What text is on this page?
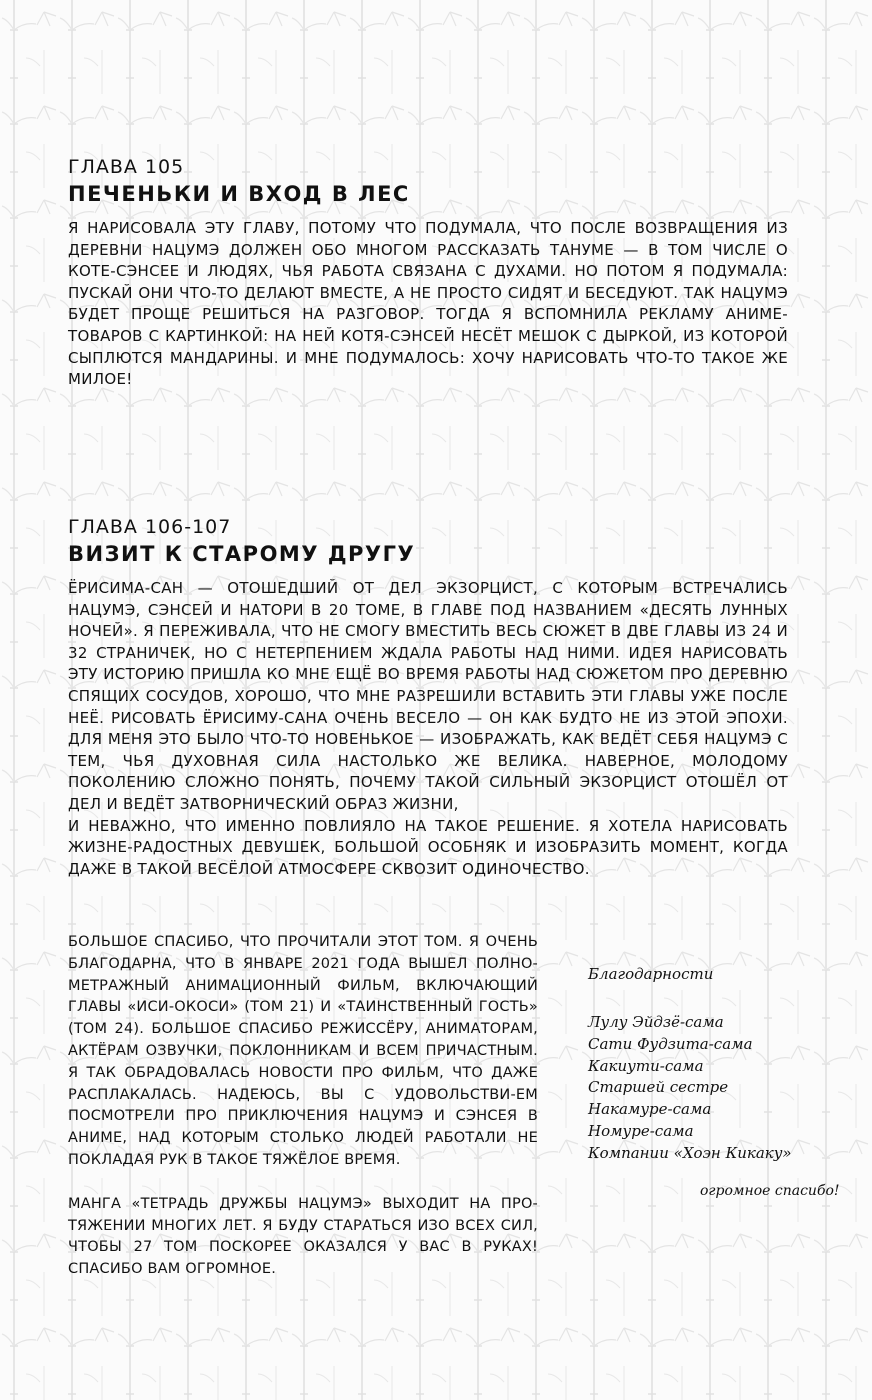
ГЛАВА 105
ПЕЧЕНЬКИ И ВХОД В ЛЕС

Я НАРИСОВАЛА ЭТУ ГЛАВУ, ПОТОМУ ЧТО ПОДУМАЛА, ЧТО ПОСЛЕ ВОЗВРАЩЕНИЯ ИЗ ДЕРЕВНИ НАЦУМЭ ДОЛЖЕН ОБО МНОГОМ РАССКАЗАТЬ ТАНУМЕ — В ТОМ ЧИСЛЕ О КОТЕ-СЭНСЕЕ И ЛЮДЯХ, ЧЬЯ РАБОТА СВЯЗАНА С ДУХАМИ. НО ПОТОМ Я ПОДУМАЛА: ПУСКАЙ ОНИ ЧТО-ТО ДЕЛАЮТ ВМЕСТЕ, А НЕ ПРОСТО СИДЯТ И БЕСЕДУЮТ. ТАК НАЦУМЭ БУДЕТ ПРОЩЕ РЕШИТЬСЯ НА РАЗГОВОР. ТОГДА Я ВСПОМНИЛА РЕКЛАМУ АНИМЕ-ТОВАРОВ С КАРТИНКОЙ: НА НЕЙ КОТЯ-СЭНСЕЙ НЕСЁТ МЕШОК С ДЫРКОЙ, ИЗ КОТОРОЙ СЫПЛЮТСЯ МАНДАРИНЫ. И МНЕ ПОДУМАЛОСЬ: ХОЧУ НАРИСОВАТЬ ЧТО-ТО ТАКОЕ ЖЕ МИЛОЕ!

ГЛАВА 106-107
ВИЗИТ К СТАРОМУ ДРУГУ

ЁРИСИМА-САН — ОТОШЕДШИЙ ОТ ДЕЛ ЭКЗОРЦИСТ, С КОТОРЫМ ВСТРЕЧАЛИСЬ НАЦУМЭ, СЭНСЕЙ И НАТОРИ В 20 ТОМЕ, В ГЛАВЕ ПОД НАЗВАНИЕМ «ДЕСЯТЬ ЛУННЫХ НОЧЕЙ». Я ПЕРЕЖИВАЛА, ЧТО НЕ СМОГУ ВМЕСТИТЬ ВЕСЬ СЮЖЕТ В ДВЕ ГЛАВЫ ИЗ 24 И 32 СТРАНИЧЕК, НО С НЕТЕРПЕНИЕМ ЖДАЛА РАБОТЫ НАД НИМИ. ИДЕЯ НАРИСОВАТЬ ЭТУ ИСТОРИЮ ПРИШЛА КО МНЕ ЕЩЁ ВО ВРЕМЯ РАБОТЫ НАД СЮЖЕТОМ ПРО ДЕРЕВНЮ СПЯЩИХ СОСУДОВ, ХОРОШО, ЧТО МНЕ РАЗРЕШИЛИ ВСТАВИТЬ ЭТИ ГЛАВЫ УЖЕ ПОСЛЕ НЕЁ. РИСОВАТЬ ЁРИСИМУ-САНА ОЧЕНЬ ВЕСЕЛО — ОН КАК БУДТО НЕ ИЗ ЭТОЙ ЭПОХИ. ДЛЯ МЕНЯ ЭТО БЫЛО ЧТО-ТО НОВЕНЬКОЕ — ИЗОБРАЖАТЬ, КАК ВЕДЁТ СЕБЯ НАЦУМЭ С ТЕМ, ЧЬЯ ДУХОВНАЯ СИЛА НАСТОЛЬКО ЖЕ ВЕЛИКА. НАВЕРНОЕ, МОЛОДОМУ ПОКОЛЕНИЮ СЛОЖНО ПОНЯТЬ, ПОЧЕМУ ТАКОЙ СИЛЬНЫЙ ЭКЗОРЦИСТ ОТОШЁЛ ОТ ДЕЛ И ВЕДЁТ ЗАТВОРНИЧЕСКИЙ ОБРАЗ ЖИЗНИ,

И НЕВАЖНО, ЧТО ИМЕННО ПОВЛИЯЛО НА ТАКОЕ РЕШЕНИЕ. Я ХОТЕЛА НАРИСОВАТЬ ЖИЗНЕ-РАДОСТНЫХ ДЕВУШЕК, БОЛЬШОЙ ОСОБНЯК И ИЗОБРАЗИТЬ МОМЕНТ, КОГДА ДАЖЕ В ТАКОЙ ВЕСЁЛОЙ АТМОСФЕРЕ СКВОЗИТ ОДИНОЧЕСТВО.

БОЛЬШОЕ СПАСИБО, ЧТО ПРОЧИТАЛИ ЭТОТ ТОМ. Я ОЧЕНЬ БЛАГОДАРНА, ЧТО В ЯНВАРЕ 2021 ГОДА ВЫШЕЛ ПОЛНО-МЕТРАЖНЫЙ АНИМАЦИОННЫЙ ФИЛЬМ, ВКЛЮЧАЮЩИЙ ГЛАВЫ «ИСИ-ОКОСИ» (ТОМ 21) И «ТАИНСТВЕННЫЙ ГОСТЬ» (ТОМ 24). БОЛЬШОЕ СПАСИБО РЕЖИССЁРУ, АНИМАТОРАМ, АКТЁРАМ ОЗВУЧКИ, ПОКЛОННИКАМ И ВСЕМ ПРИЧАСТНЫМ. Я ТАК ОБРАДОВАЛАСЬ НОВОСТИ ПРО ФИЛЬМ, ЧТО ДАЖЕ РАСПЛАКАЛАСЬ. НАДЕЮСЬ, ВЫ С УДОВОЛЬСТВИ-ЕМ ПОСМОТРЕЛИ ПРО ПРИКЛЮЧЕНИЯ НАЦУМЭ И СЭНСЕЯ В АНИМЕ, НАД КОТОРЫМ СТОЛЬКО ЛЮДЕЙ РАБОТАЛИ НЕ ПОКЛАДАЯ РУК В ТАКОЕ ТЯЖЁЛОЕ ВРЕМЯ.

МАНГА «ТЕТРАДЬ ДРУЖБЫ НАЦУМЭ» ВЫХОДИТ НА ПРО-ТЯЖЕНИИ МНОГИХ ЛЕТ. Я БУДУ СТАРАТЬСЯ ИЗО ВСЕХ СИЛ, ЧТОБЫ 27 ТОМ ПОСКОРЕЕ ОКАЗАЛСЯ У ВАС В РУКАХ! СПАСИБО ВАМ ОГРОМНОЕ.

Благодарности
Лулу Эйдзё-сама
Сати Фудзита-сама
Какиути-сама
Старшей сестре
Накамуре-сама
Номуре-сама
Компании «Хоэн Кикаку»
огромное спасибо!
